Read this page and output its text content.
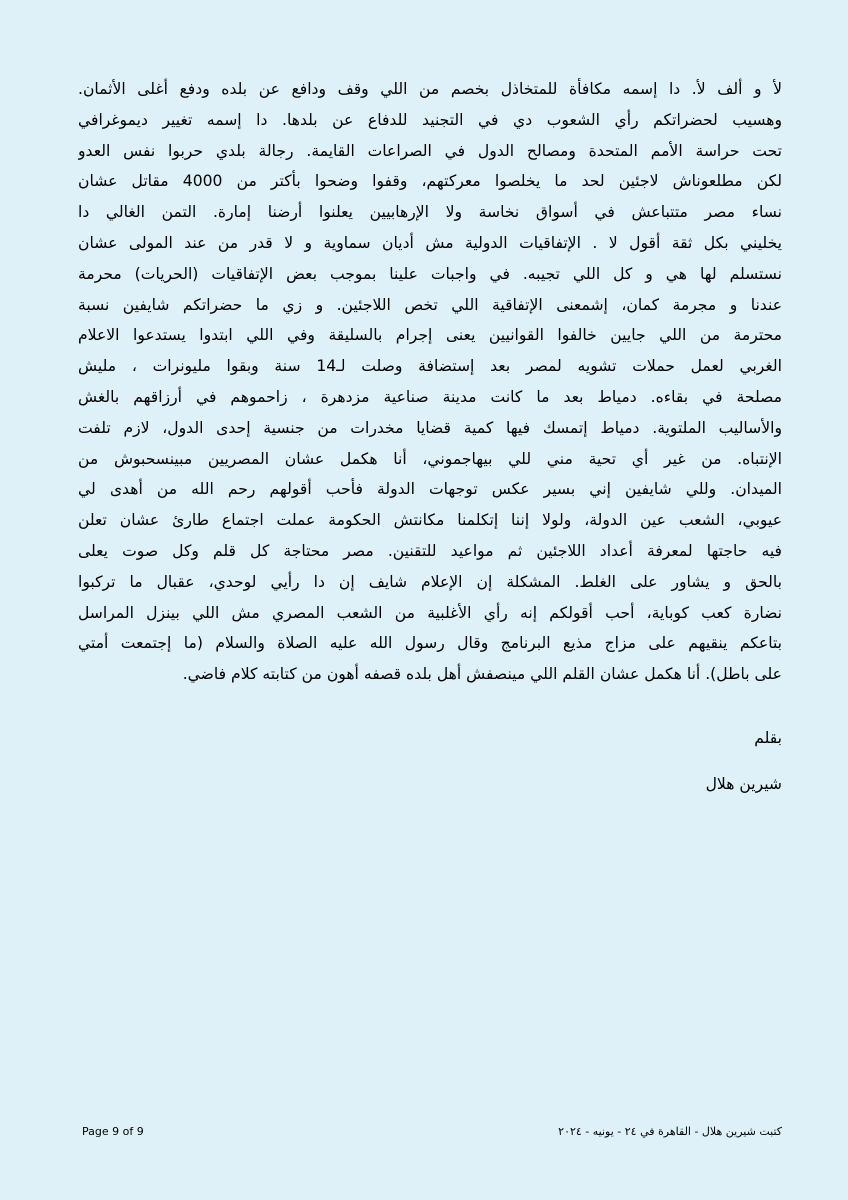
لأ و ألف لأ. دا إسمه مكافأة للمتخاذل بخصم من اللي وقف ودافع عن بلده ودفع أغلى الأثمان.
وهسيب لحضراتكم رأي الشعوب دي في التجنيد للدفاع عن بلدها. دا إسمه تغيير ديموغرافي
تحت حراسة الأمم المتحدة ومصالح الدول في الصراعات القايمة. رجالة بلدي حربوا نفس العدو
لكن مطلعوناش لاجئين لحد ما يخلصوا معركتهم، وقفوا وضحوا بأكتر من 4000 مقاتل عشان
نساء مصر متتباعش في أسواق نخاسة ولا الإرهابيين يعلنوا أرضنا إمارة. التمن الغالي دا
يخليني بكل ثقة أقول لا . الإتفاقيات الدولية مش أديان سماوية و لا قدر من عند المولى عشان
نستسلم لها هي و كل اللي تجيبه. في واجبات علينا بموجب بعض الإتفاقيات (الحريات) محرمة
عندنا و مجرمة كمان، إشمعنى الإتفاقية اللي تخص اللاجئين. و زي ما حضراتكم شايفين نسبة
محترمة من اللي جايين خالفوا القوانيين يعنى إجرام بالسليقة وفي اللي ابتدوا يستدعوا الاعلام
الغربي لعمل حملات تشويه لمصر بعد إستضافة وصلت لـ14 سنة وبقوا مليونرات ، مليش
مصلحة في بقاءه. دمياط بعد ما كانت مدينة صناعية مزدهرة ، زاحموهم في أرزاقهم بالغش
والأساليب الملتوية. دمياط إتمسك فيها كمية قضايا مخدرات من جنسية إحدى الدول، لازم تلفت
الإنتباه. من غير أي تحية مني للي بيهاجموني، أنا هكمل عشان المصريين مبينسحبوش من
الميدان. وللي شايفين إني بسير عكس توجهات الدولة فأحب أقولهم رحم الله من أهدى لي
عيوبي، الشعب عين الدولة، ولولا إننا إتكلمنا مكانتش الحكومة عملت اجتماع طارئ عشان تعلن
فيه حاجتها لمعرفة أعداد اللاجئين ثم مواعيد للتقنين. مصر محتاجة كل قلم وكل صوت يعلى
بالحق و يشاور على الغلط. المشكلة إن الإعلام شايف إن دا رأيي لوحدي، عقبال ما تركبوا
نضارة كعب كوباية، أحب أقولكم إنه رأي الأغلبية من الشعب المصري مش اللي بينزل المراسل
بتاعكم ينقيهم على مزاج مذيع البرنامج وقال رسول الله عليه الصلاة والسلام (ما إجتمعت أمتي
على باطل). أنا هكمل عشان القلم اللي مينصفش أهل بلده قصفه أهون من كتابته كلام فاضي.
بقلم
شيرين هلال
Page 9 of 9	كتبت شيرين هلال - القاهرة في ٢٤ - يونيه - ٢٠٢٤
